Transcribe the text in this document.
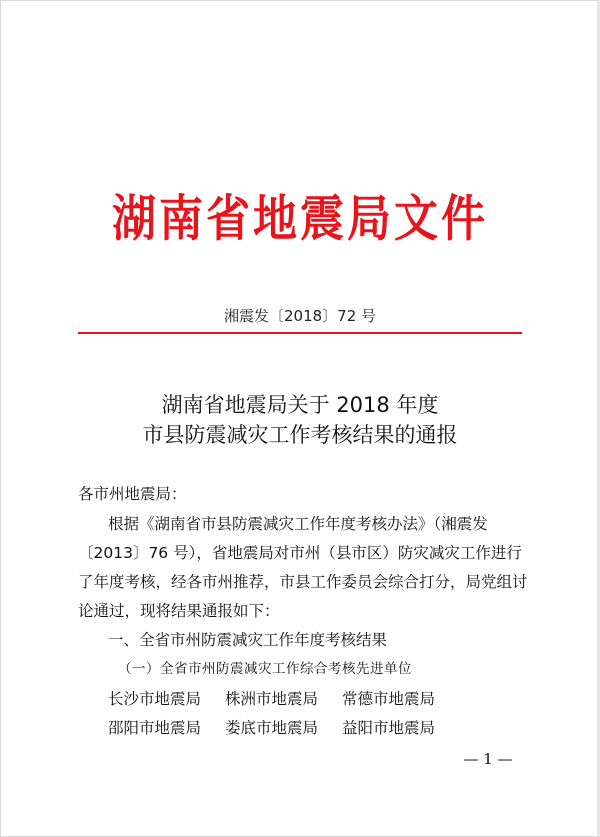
湖南省地震局文件
湘震发〔2018〕72 号
湖南省地震局关于 2018 年度
市县防震减灾工作考核结果的通报
各市州地震局：
根据《湖南省市县防震减灾工作年度考核办法》（湘震发
〔2013〕76 号），省地震局对市州（县市区）防灾减灾工作进行
了年度考核，经各市州推荐，市县工作委员会综合打分，局党组讨
论通过，现将结果通报如下：
一、全省市州防震减灾工作年度考核结果
（一）全省市州防震减灾工作综合考核先进单位
长沙市地震局 株洲市地震局 常德市地震局
邵阳市地震局 娄底市地震局 益阳市地震局
— 1 —
